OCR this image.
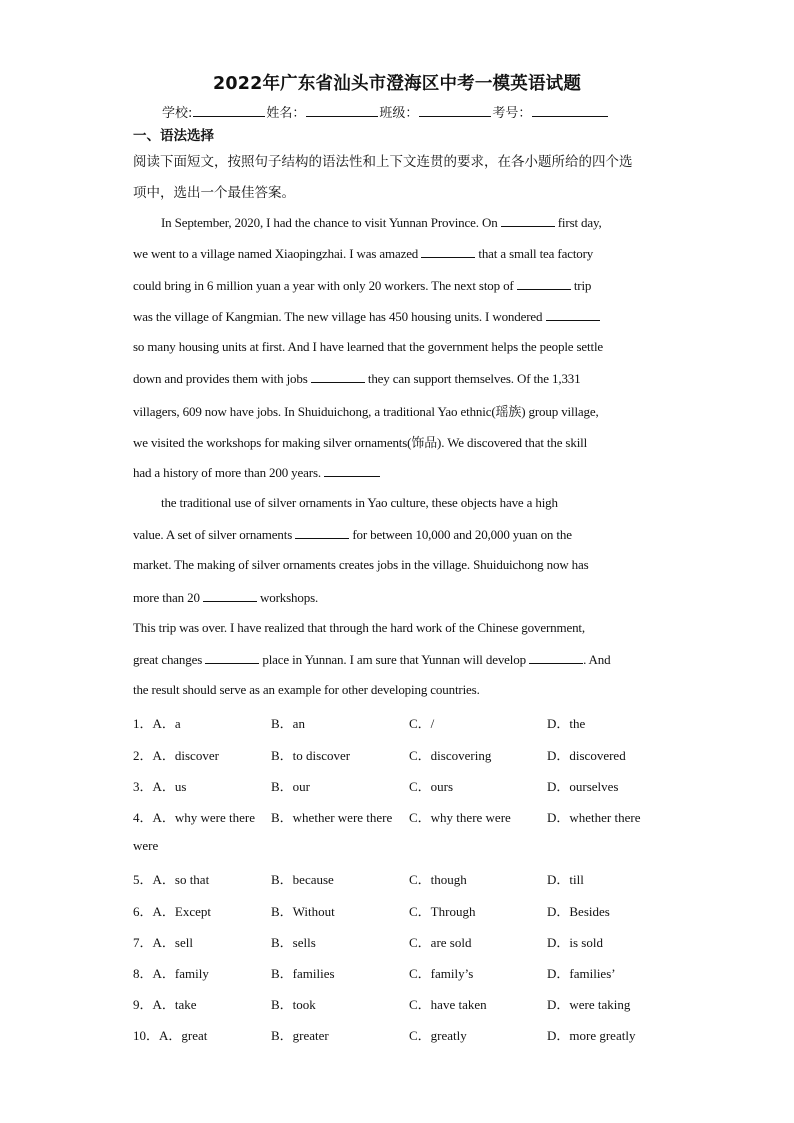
2022年广东省汕头市澄海区中考一模英语试题
学校:	姓名：	班级：	考号：
一、语法选择
阅读下面短文，按照句子结构的语法性和上下文连贯的要求，在各小题所给的四个选
项中，选出一个最佳答案。
In September, 2020, I had the chance to visit Yunnan Province. On	first day,
we went to a village named Xiaopingzhai. I was amazed	that a small tea factory
could bring in 6 million yuan a year with only 20 workers. The next stop of	trip
was the village of Kangmian. The new village has 450 housing units. I wondered
so many housing units at first. And I have learned that the government helps the people settle
down and provides them with jobs	they can support themselves. Of the 1,331
villagers, 609 now have jobs. In Shuiduichong, a traditional Yao ethnic(瑶族) group village,
we visited the workshops for making silver ornaments(饰品). We discovered that the skill
had a history of more than 200 years.
the traditional use of silver ornaments in Yao culture, these objects have a high
value. A set of silver ornaments	for between 10,000 and 20,000 yuan on the
market. The making of silver ornaments creates jobs in the village. Shuiduichong now has
more than 20	workshops.
This trip was over. I have realized that through the hard work of the Chinese government,
great changes	place in Yunnan. I am sure that Yunnan will develop	. And
the result should serve as an example for other developing countries.
1．A．a	B．an	C．/	D．the
2．A．discover	B．to discover	C．discovering	D．discovered
3．A．us	B．our	C．ours	D．ourselves
4．A．why were there B．whether were there C．why there were	D．whether there
were
5．A．so that	B．because	C．though	D．till
6．A．Except	B．Without	C．Through	D．Besides
7．A．sell	B．sells	C．are sold	D．is sold
8．A．family	B．families	C．family’s	D．families’
9．A．take	B．took	C．have taken	D．were taking
10．A．great	B．greater	C．greatly	D．more greatly
